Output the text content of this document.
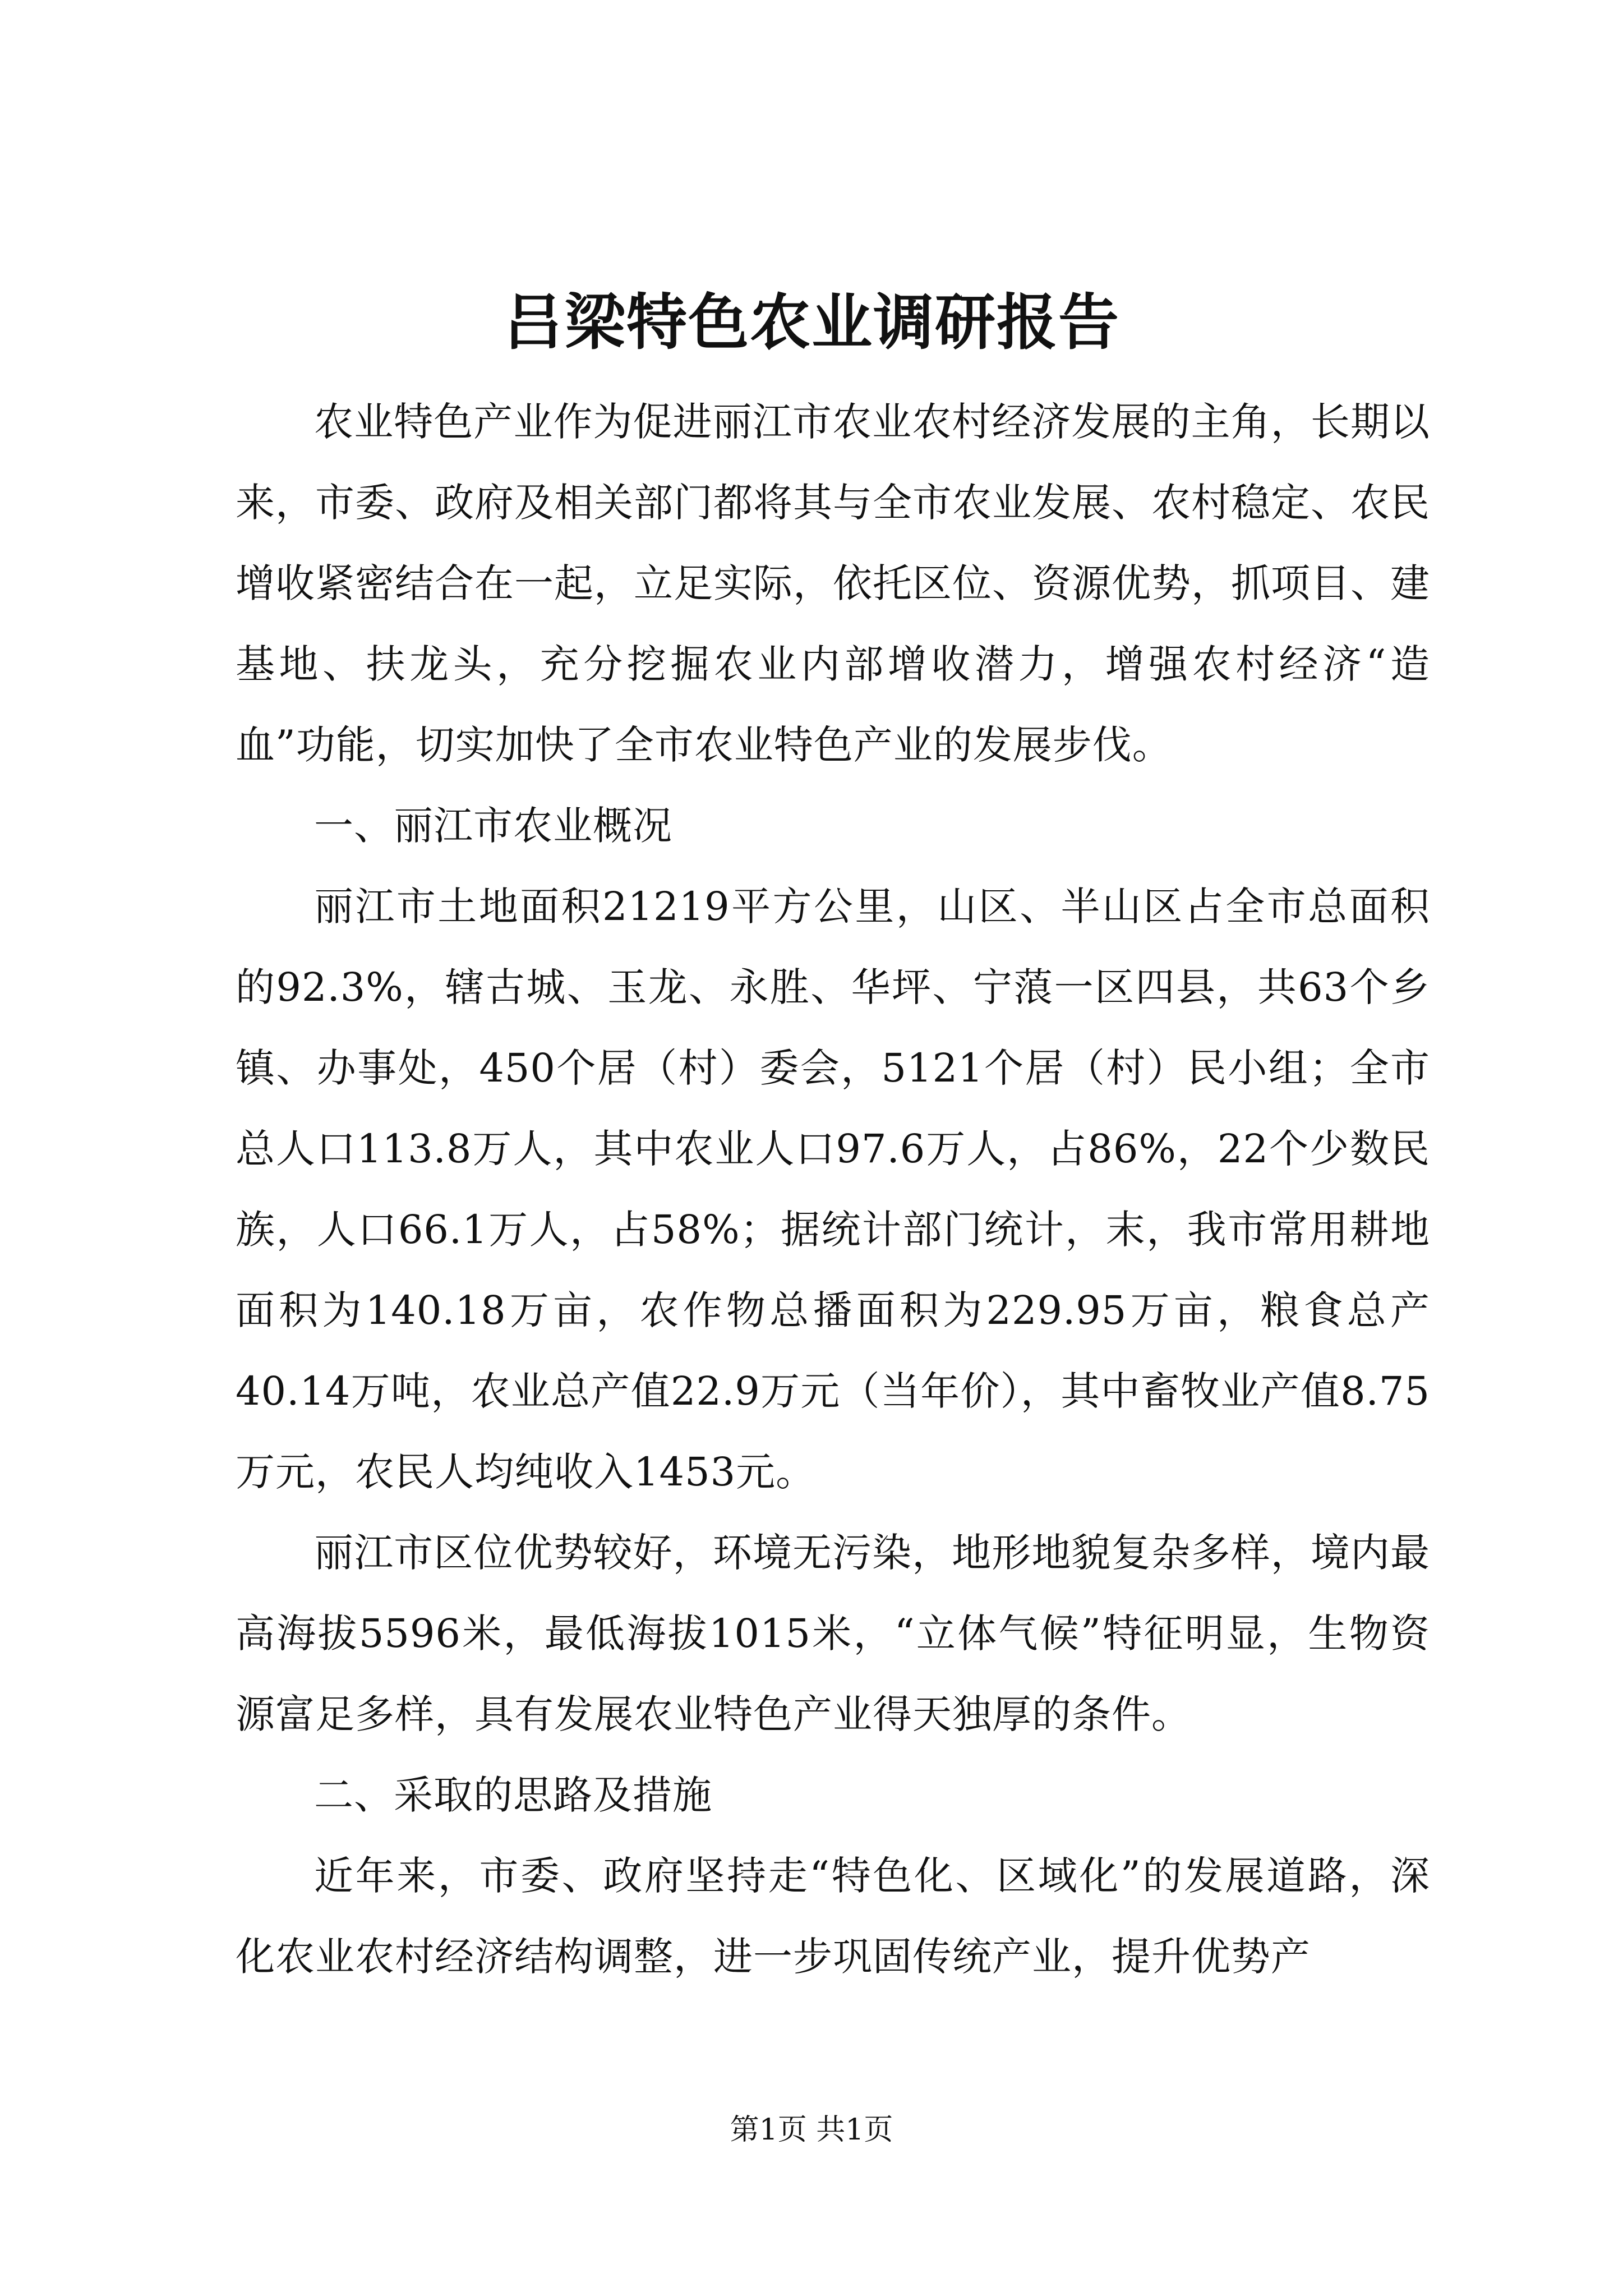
吕梁特色农业调研报告

农业特色产业作为促进丽江市农业农村经济发展的主角，长期以来，市委、政府及相关部门都将其与全市农业发展、农村稳定、农民增收紧密结合在一起，立足实际，依托区位、资源优势，抓项目、建基地、扶龙头，充分挖掘农业内部增收潜力，增强农村经济“造血”功能，切实加快了全市农业特色产业的发展步伐。

一、丽江市农业概况

丽江市土地面积21219平方公里，山区、半山区占全市总面积的92.3%，辖古城、玉龙、永胜、华坪、宁蒗一区四县，共63个乡镇、办事处，450个居（村）委会，5121个居（村）民小组；全市总人口113.8万人，其中农业人口97.6万人，占86%，22个少数民族，人口66.1万人，占58%；据统计部门统计，末，我市常用耕地面积为140.18万亩，农作物总播面积为229.95万亩，粮食总产40.14万吨，农业总产值22.9万元（当年价），其中畜牧业产值8.75万元，农民人均纯收入1453元。

丽江市区位优势较好，环境无污染，地形地貌复杂多样，境内最高海拔5596米，最低海拔1015米，“立体气候”特征明显，生物资源富足多样，具有发展农业特色产业得天独厚的条件。

二、采取的思路及措施

近年来，市委、政府坚持走“特色化、区域化”的发展道路，深化农业农村经济结构调整，进一步巩固传统产业，提升优势产

第1页 共1页
